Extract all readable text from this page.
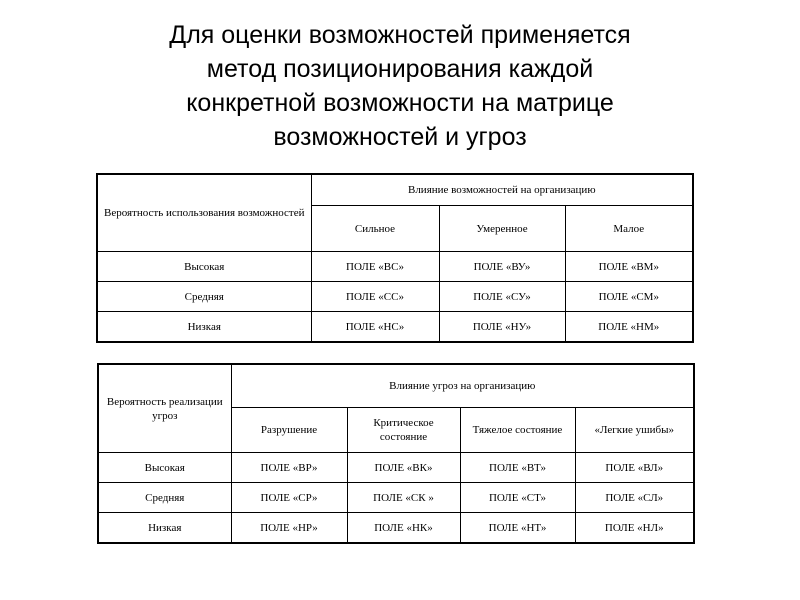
Для оценки возможностей применяется
метод позиционирования каждой
конкретной возможности на матрице
возможностей и угроз
Вероятность использования возможностей	Влияние возможностей на организацию		
	Сильное	Умеренное	Малое
Высокая	ПОЛЕ «ВС»	ПОЛЕ «ВУ»	ПОЛЕ «ВМ»
Средняя	ПОЛЕ «СС»	ПОЛЕ «СУ»	ПОЛЕ «СМ»
Низкая	ПОЛЕ «НС»	ПОЛЕ «НУ»	ПОЛЕ «НМ»
Вероятность реализации угроз	Влияние угроз на организацию			
	Разрушение	Критическое состояние	Тяжелое состояние	«Легкие ушибы»
Высокая	ПОЛЕ «ВР»	ПОЛЕ «ВК»	ПОЛЕ «ВТ»	ПОЛЕ «ВЛ»
Средняя	ПОЛЕ «СР»	ПОЛЕ «СК »	ПОЛЕ «СТ»	ПОЛЕ «СЛ»
Низкая	ПОЛЕ «НР»	ПОЛЕ «НК»	ПОЛЕ «НТ»	ПОЛЕ «НЛ»
